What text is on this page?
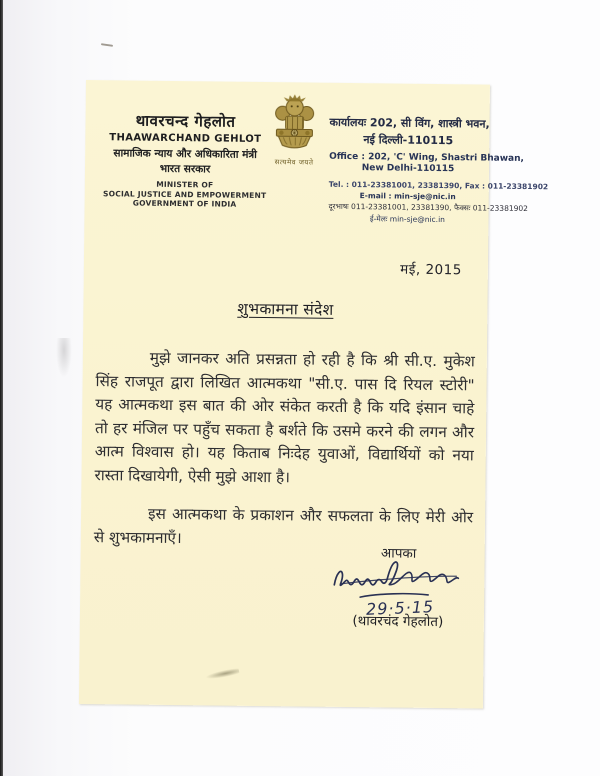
थावरचन्द गेहलोत
THAAWARCHAND GEHLOT
सामाजिक न्याय और अधिकारिता मंत्री
भारत सरकार
MINISTER OF
SOCIAL JUSTICE AND EMPOWERMENT
GOVERNMENT OF INDIA
सत्यमेव जयते
कार्यालयः 202, सी विंग, शास्त्री भवन,
नई दिल्ली-110115
Office : 202, 'C' Wing, Shastri Bhawan,
New Delhi-110115
Tel. : 011-23381001, 23381390, Fax : 011-23381902
E-mail : min-sje@nic.in
दूरभाषः 011-23381001, 23381390, फैक्सः 011-23381902
ई-मेलः min-sje@nic.in
मई, 2015
शुभकामना संदेश

मुझे जानकर अति प्रसन्नता हो रही है कि श्री सी.ए. मुकेश सिंह राजपूत द्वारा लिखित आत्मकथा "सी.ए. पास दि रियल स्टोरी" यह आत्मकथा इस बात की ओर संकेत करती है कि यदि इंसान चाहे तो हर मंजिल पर पहुँच सकता है बर्शते कि उसमे करने की लगन और आत्म विश्वास हो। यह किताब निःदेह युवाओं, विद्यार्थियों को नया रास्ता दिखायेगी, ऐसी मुझे आशा है।

इस आत्मकथा के प्रकाशन और सफलता के लिए मेरी ओर से शुभकामनाएँ।

आपका
29·5·15
(थावरचंद गेहलोत)
